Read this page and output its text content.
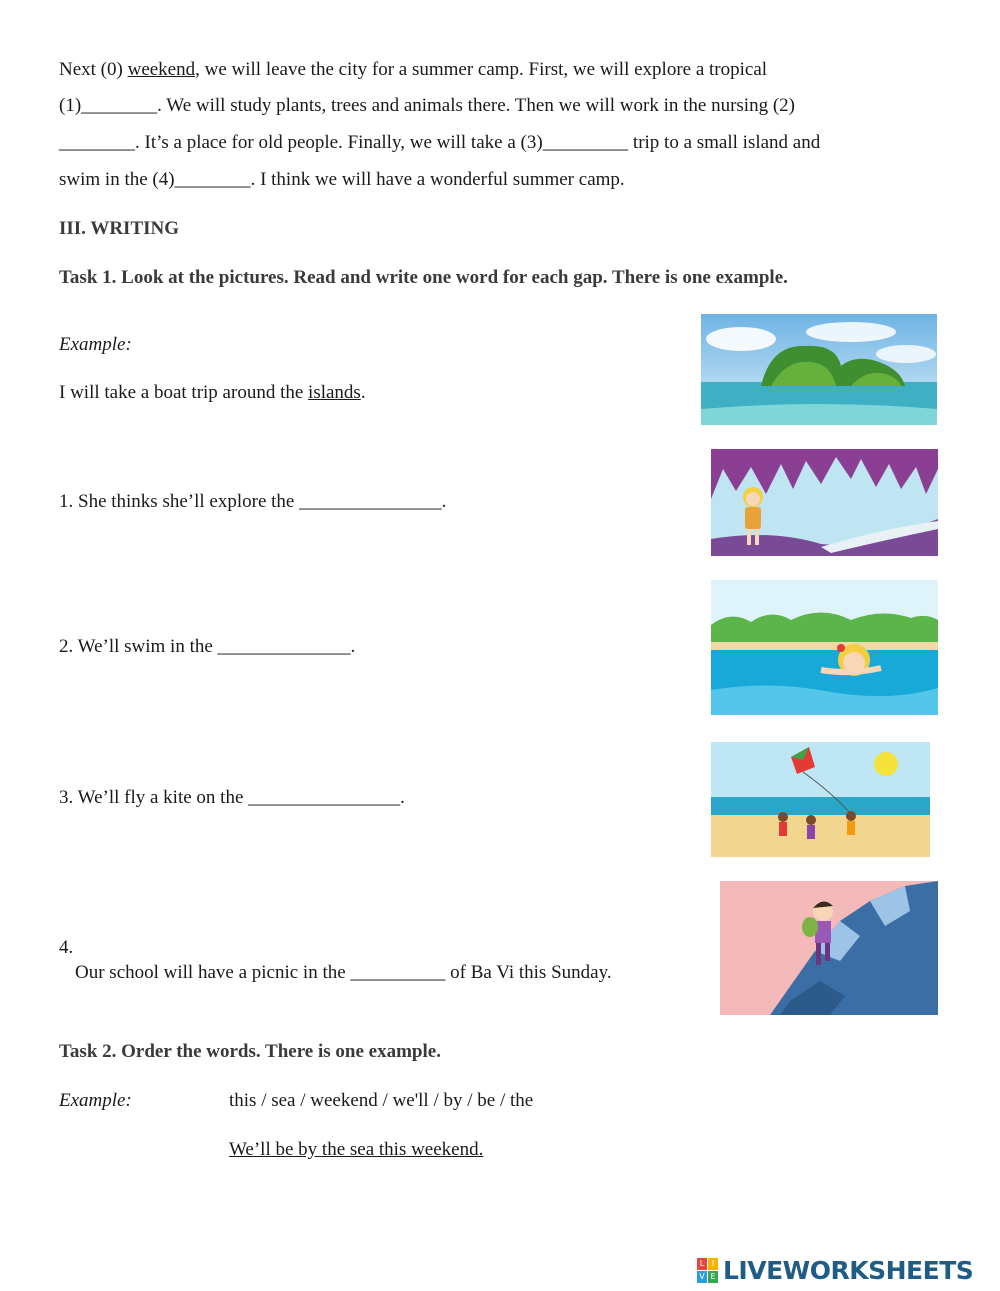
Next (0) weekend, we will leave the city for a summer camp. First, we will explore a tropical
(1)________. We will study plants, trees and animals there. Then we will work in the nursing (2)
________. It’s a place for old people. Finally, we will take a (3)_________ trip to a small island and
swim in the (4)________. I think we will have a wonderful summer camp.
III. WRITING
Task 1. Look at the pictures. Read and write one word for each gap. There is one example.
Example:
I will take a boat trip around the islands.
1. She thinks she’ll explore the _______________.
2. We’ll swim in the ______________.
3. We’ll fly a kite on the ________________.
4.
Our school will have a picnic in the __________ of Ba Vi this Sunday.
Task 2. Order the words. There is one example.
Example:	this / sea / weekend / we'll / by / be / the
We’ll be by the sea this weekend.
L I
V E LIVEWORKSHEETS
